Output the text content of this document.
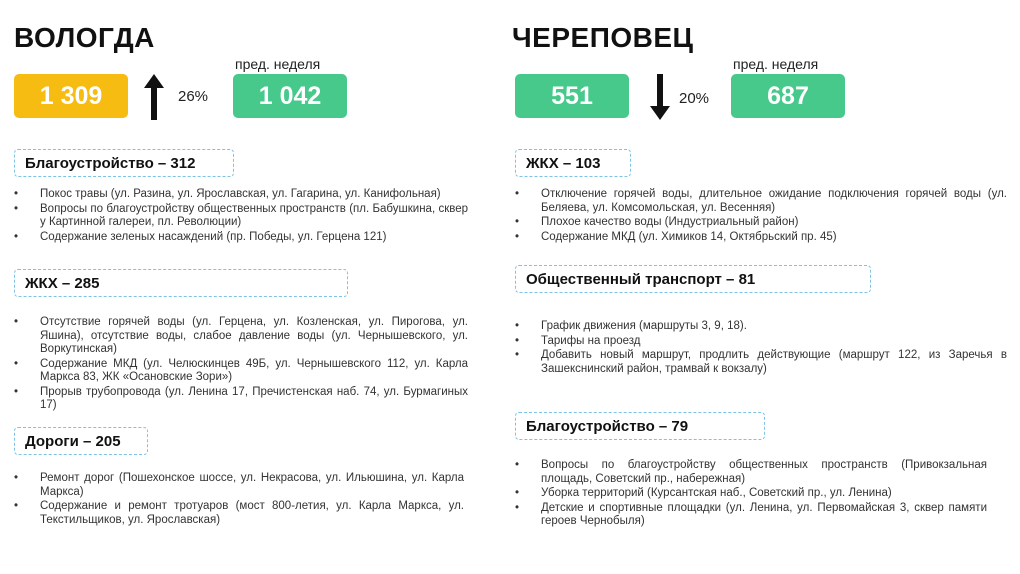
ВОЛОГДА
1 309	26%
пред. неделя
1 042
Благоустройство – 312
• Покос травы (ул. Разина, ул. Ярославская, ул. Гагарина, ул. Канифольная)
• Вопросы по благоустройству общественных пространств (пл. Бабушкина, сквер у Картинной галереи, пл. Революции)
• Содержание зеленых насаждений (пр. Победы, ул. Герцена 121)
ЖКХ – 285
• Отсутствие горячей воды (ул. Герцена, ул. Козленская, ул. Пирогова, ул. Яшина), отсутствие воды, слабое давление воды (ул. Чернышевского, ул. Воркутинская)
• Содержание МКД (ул. Челюскинцев 49Б, ул. Чернышевского 112, ул. Карла Маркса 83, ЖК «Осановские Зори»)
• Прорыв трубопровода (ул. Ленина 17, Пречистенская наб. 74, ул. Бурмагиных 17)
Дороги – 205
• Ремонт дорог (Пошехонское шоссе, ул. Некрасова, ул. Ильюшина, ул. Карла Маркса)
• Содержание и ремонт тротуаров (мост 800-летия, ул. Карла Маркса, ул. Текстильщиков, ул. Ярославская)
ЧЕРЕПОВЕЦ
551	20%
пред. неделя
687
ЖКХ – 103
• Отключение горячей воды, длительное ожидание подключения горячей воды (ул. Беляева, ул. Комсомольская, ул. Весенняя)
• Плохое качество воды (Индустриальный район)
• Содержание МКД (ул. Химиков 14, Октябрьский пр. 45)
Общественный транспорт – 81
• График движения (маршруты 3, 9, 18).
• Тарифы на проезд
• Добавить новый маршрут, продлить действующие (маршрут 122, из Заречья в Зашекснинский район, трамвай к вокзалу)
Благоустройство – 79
• Вопросы по благоустройству общественных пространств (Привокзальная площадь, Советский пр., набережная)
• Уборка территорий (Курсантская наб., Советский пр., ул. Ленина)
• Детские и спортивные площадки (ул. Ленина, ул. Первомайская 3, сквер памяти героев Чернобыля)
